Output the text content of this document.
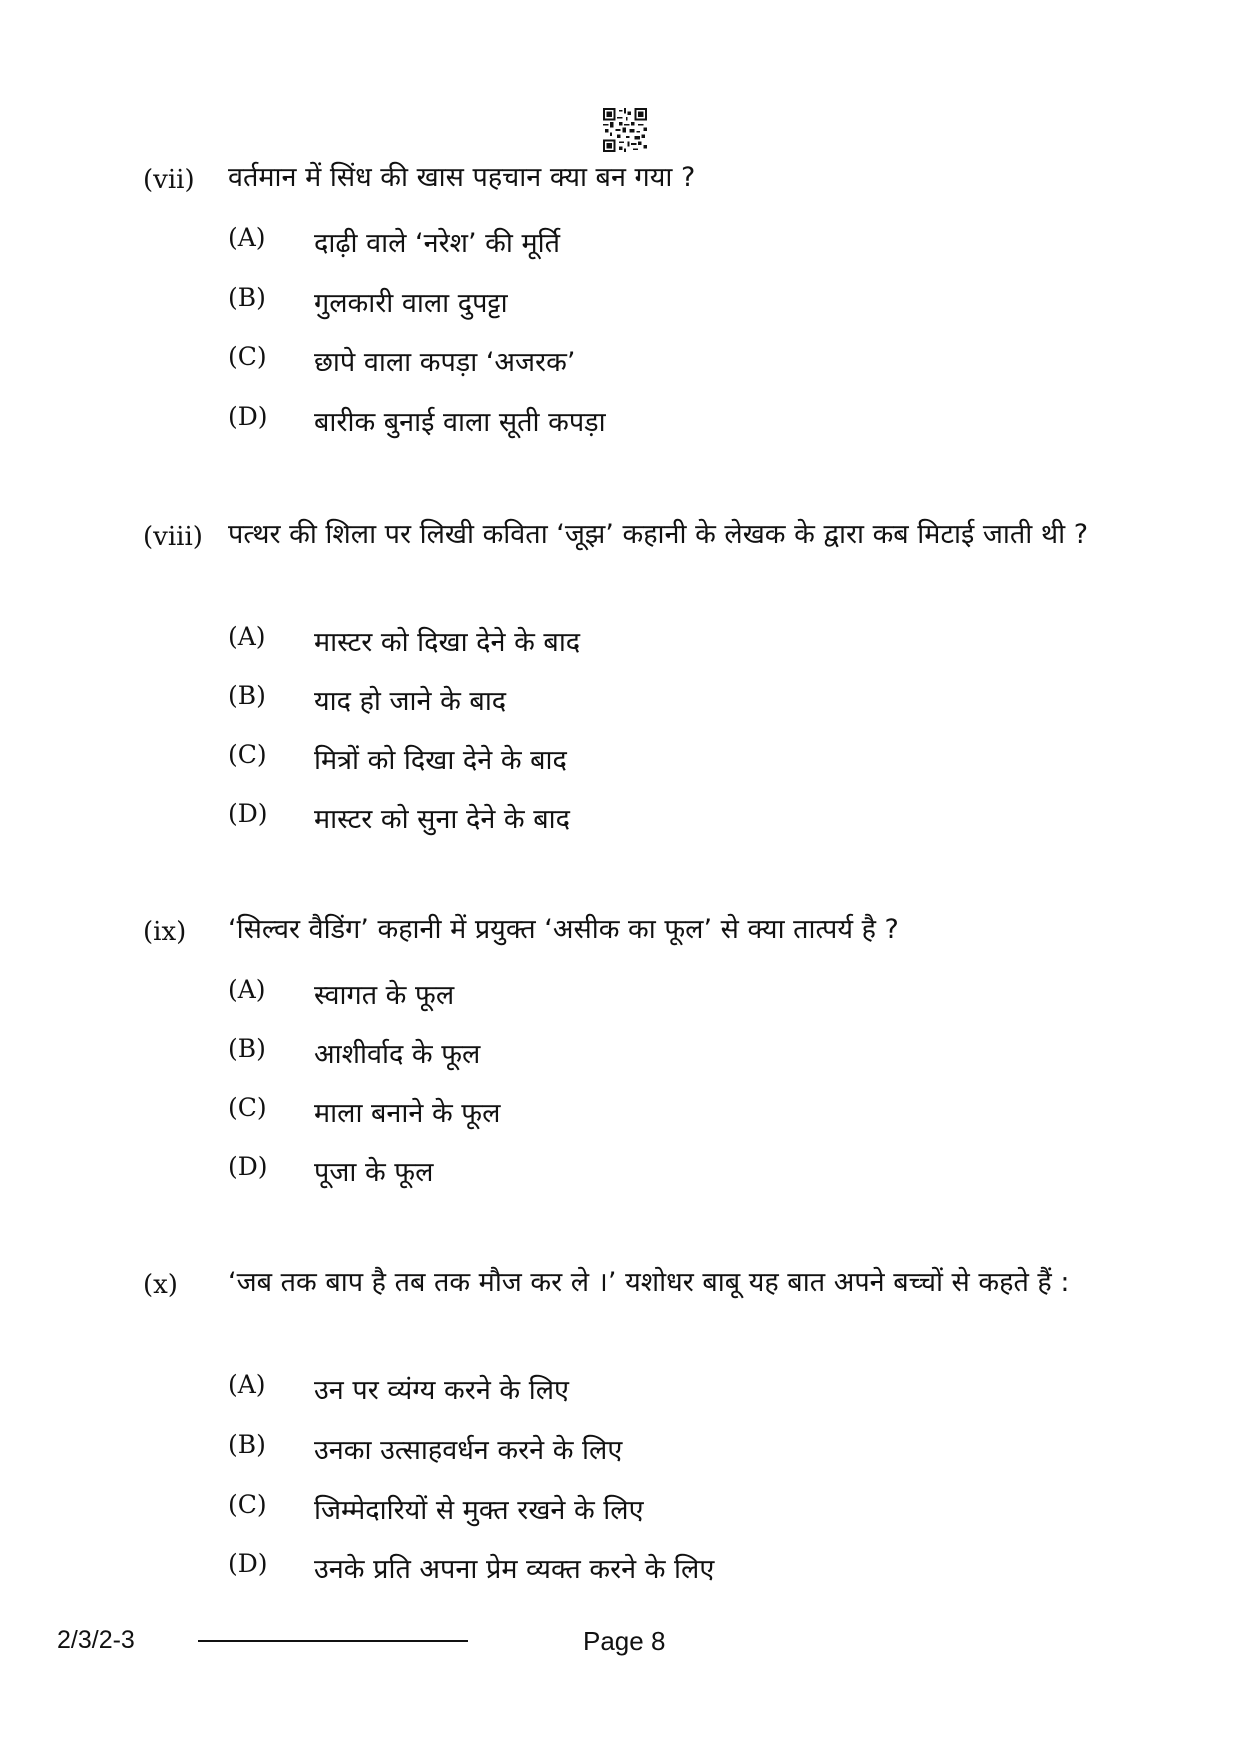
(vii) वर्तमान में सिंध की खास पहचान क्या बन गया ?
(A) दाढ़ी वाले ‘नरेश’ की मूर्ति
(B) गुलकारी वाला दुपट्टा
(C) छापे वाला कपड़ा ‘अजरक’
(D) बारीक बुनाई वाला सूती कपड़ा
(viii) पत्थर की शिला पर लिखी कविता ‘जूझ’ कहानी के लेखक के द्वारा कब मिटाई जाती थी ?
(A) मास्टर को दिखा देने के बाद
(B) याद हो जाने के बाद
(C) मित्रों को दिखा देने के बाद
(D) मास्टर को सुना देने के बाद
(ix) ‘सिल्वर वैडिंग’ कहानी में प्रयुक्त ‘असीक का फूल’ से क्या तात्पर्य है ?
(A) स्वागत के फूल
(B) आशीर्वाद के फूल
(C) माला बनाने के फूल
(D) पूजा के फूल
(x) ‘जब तक बाप है तब तक मौज कर ले ।’ यशोधर बाबू यह बात अपने बच्चों से कहते हैं :
(A) उन पर व्यंग्य करने के लिए
(B) उनका उत्साहवर्धन करने के लिए
(C) जिम्मेदारियों से मुक्त रखने के लिए
(D) उनके प्रति अपना प्रेम व्यक्त करने के लिए
2/3/2-3	Page 8
